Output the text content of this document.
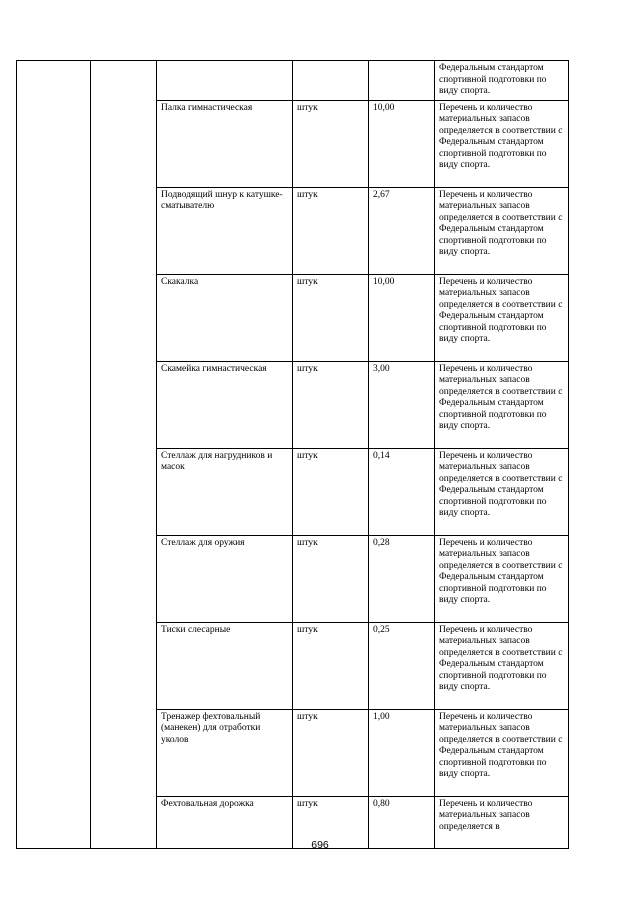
					Федеральным стандартом спортивной подготовки по виду спорта.
		Палка гимнастическая	штук	10,00	Перечень и количество материальных запасов определяется в соответствии с Федеральным стандартом спортивной подготовки по виду спорта.
		Подводящий шнур к катушке-сматывателю	штук	2,67	Перечень и количество материальных запасов определяется в соответствии с Федеральным стандартом спортивной подготовки по виду спорта.
		Скакалка	штук	10,00	Перечень и количество материальных запасов определяется в соответствии с Федеральным стандартом спортивной подготовки по виду спорта.
		Скамейка гимнастическая	штук	3,00	Перечень и количество материальных запасов определяется в соответствии с Федеральным стандартом спортивной подготовки по виду спорта.
		Стеллаж для нагрудников и масок	штук	0,14	Перечень и количество материальных запасов определяется в соответствии с Федеральным стандартом спортивной подготовки по виду спорта.
		Стеллаж для оружия	штук	0,28	Перечень и количество материальных запасов определяется в соответствии с Федеральным стандартом спортивной подготовки по виду спорта.
		Тиски слесарные	штук	0,25	Перечень и количество материальных запасов определяется в соответствии с Федеральным стандартом спортивной подготовки по виду спорта.
		Тренажер фехтовальный (манекен) для отработки уколов	штук	1,00	Перечень и количество материальных запасов определяется в соответствии с Федеральным стандартом спортивной подготовки по виду спорта.
		Фехтовальная дорожка	штук	0,80	Перечень и количество материальных запасов определяется в
696
